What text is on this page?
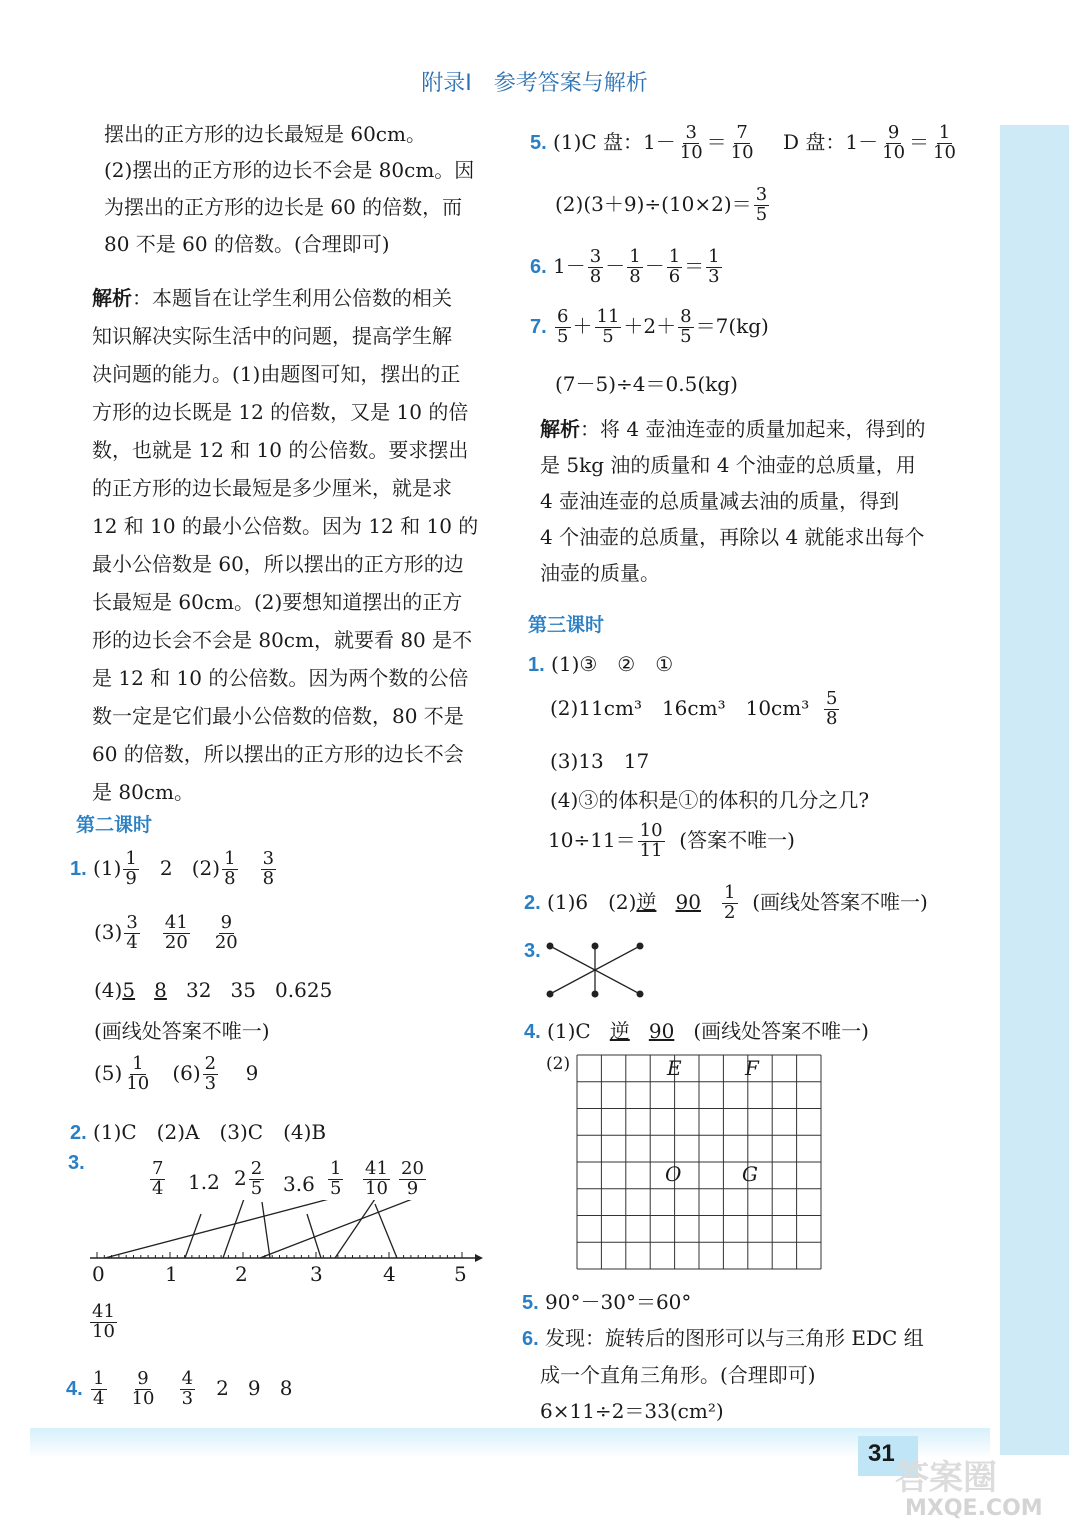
附录Ⅰ　参考答案与解析
摆出的正方形的边长最短是 60cm。
(2)摆出的正方形的边长不会是 80cm。因
为摆出的正方形的边长是 60 的倍数，而
80 不是 60 的倍数。(合理即可)
解析：本题旨在让学生利用公倍数的相关
知识解决实际生活中的问题，提高学生解
决问题的能力。(1)由题图可知，摆出的正
方形的边长既是 12 的倍数，又是 10 的倍
数，也就是 12 和 10 的公倍数。要求摆出
的正方形的边长最短是多少厘米，就是求
12 和 10 的最小公倍数。因为 12 和 10 的
最小公倍数是 60，所以摆出的正方形的边
长最短是 60cm。(2)要想知道摆出的正方
形的边长会不会是 80cm，就要看 80 是不
是 12 和 10 的公倍数。因为两个数的公倍
数一定是它们最小公倍数的倍数，80 不是
60 的倍数，所以摆出的正方形的边长不会
是 80cm。
第二课时
1. $(1) \frac{1}{9} 2$ $(2) \frac{1}{8}$
$\frac{3}{8}$
$(3) \frac{3}{4}$
$\frac{41}{20}$
$\frac{9}{20}$
(4)5 8 32 35 0.625
(画线处答案不唯一)
$(5) \frac{1}{10} (6) \frac{2}{3} 9$
2. (1)C　(2)A　(3)C　(4)B
3.	$\frac{7}{4} 1.2$ $2 \frac{2}{5} 3.6 \frac{1}{5} \frac{41}{10} \frac{20}{9}$
0	1	2	3	4	5
$\frac{41}{10}$
4. $\frac{1}{4}$
$\frac{9}{10}$
$\frac{4}{3} 2$ 9 8
5. (1)C 盘：$1- \frac{3}{10} = \frac{7}{10}$ D 盘：$1- \frac{9}{10} = \frac{1}{10}$
$(2)(3+9)\div(10\times 2)= \frac{3}{5}$
6. $1- \frac{3}{8} - \frac{1}{8} - \frac{1}{6} = \frac{1}{3}$
7. $\frac{6}{5} + \frac{11}{5} +2+ \frac{8}{5} =7(kg)$
(7－5)÷4＝0.5(kg)
解析：将 4 壶油连壶的质量加起来，得到的
是 5kg 油的质量和 4 个油壶的总质量，用
4 壶油连壶的总质量减去油的质量，得到
4 个油壶的总质量，再除以 4 就能求出每个
油壶的质量。
第三课时
1. (1)③　②　①
(2)11cm³　16cm³　$10cm^3 \frac{5}{8}$
(3)13　17
(4)③的体积是①的体积的几分之几?
$10\div 11= \frac{10}{11}$ (答案不唯一)
2. (1)6　(2)逆 $90 \frac{1}{2}$ (画线处答案不唯一)
3.
4. (1)C 逆 90 (画线处答案不唯一)
(2)	E	F
O	G
5. 90°－30°＝60°
6. 发现：旋转后的图形可以与三角形 EDC 组
成一个直角三角形。(合理即可)
6×11÷2＝33(cm²)
31
答案圈
MXQE.COM
